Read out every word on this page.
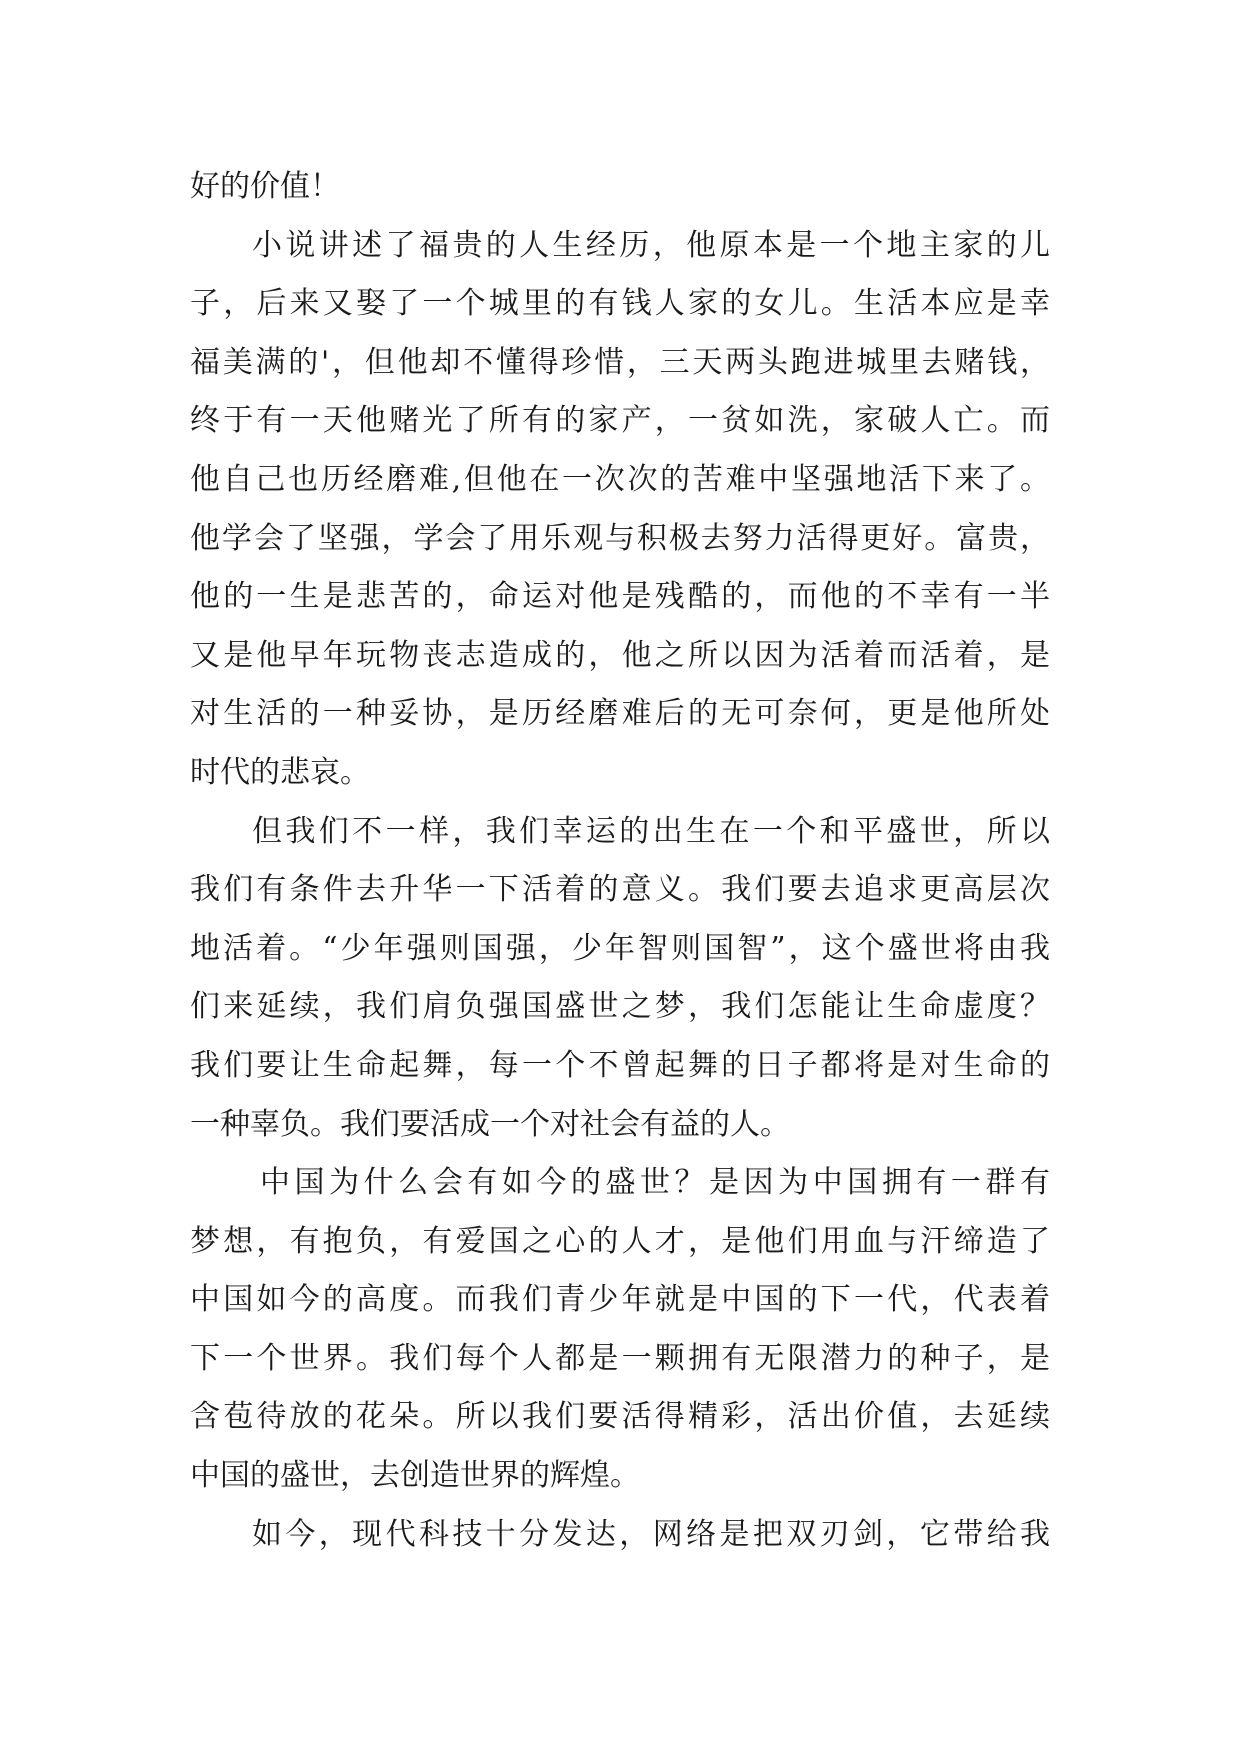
好的价值！
小说讲述了福贵的人生经历，他原本是一个地主家的儿
子，后来又娶了一个城里的有钱人家的女儿。生活本应是幸
福美满的'，但他却不懂得珍惜，三天两头跑进城里去赌钱，
终于有一天他赌光了所有的家产，一贫如洗，家破人亡。而
他自己也历经磨难,但他在一次次的苦难中坚强地活下来了。
他学会了坚强，学会了用乐观与积极去努力活得更好。富贵，
他的一生是悲苦的，命运对他是残酷的，而他的不幸有一半
又是他早年玩物丧志造成的，他之所以因为活着而活着，是
对生活的一种妥协，是历经磨难后的无可奈何，更是他所处
时代的悲哀。
但我们不一样，我们幸运的出生在一个和平盛世，所以
我们有条件去升华一下活着的意义。我们要去追求更高层次
地活着。“少年强则国强，少年智则国智”，这个盛世将由我
们来延续，我们肩负强国盛世之梦，我们怎能让生命虚度？
我们要让生命起舞，每一个不曾起舞的日子都将是对生命的
一种辜负。我们要活成一个对社会有益的人。
中国为什么会有如今的盛世？是因为中国拥有一群有
梦想，有抱负，有爱国之心的人才，是他们用血与汗缔造了
中国如今的高度。而我们青少年就是中国的下一代，代表着
下一个世界。我们每个人都是一颗拥有无限潜力的种子，是
含苞待放的花朵。所以我们要活得精彩，活出价值，去延续
中国的盛世，去创造世界的辉煌。
如今，现代科技十分发达，网络是把双刃剑，它带给我
